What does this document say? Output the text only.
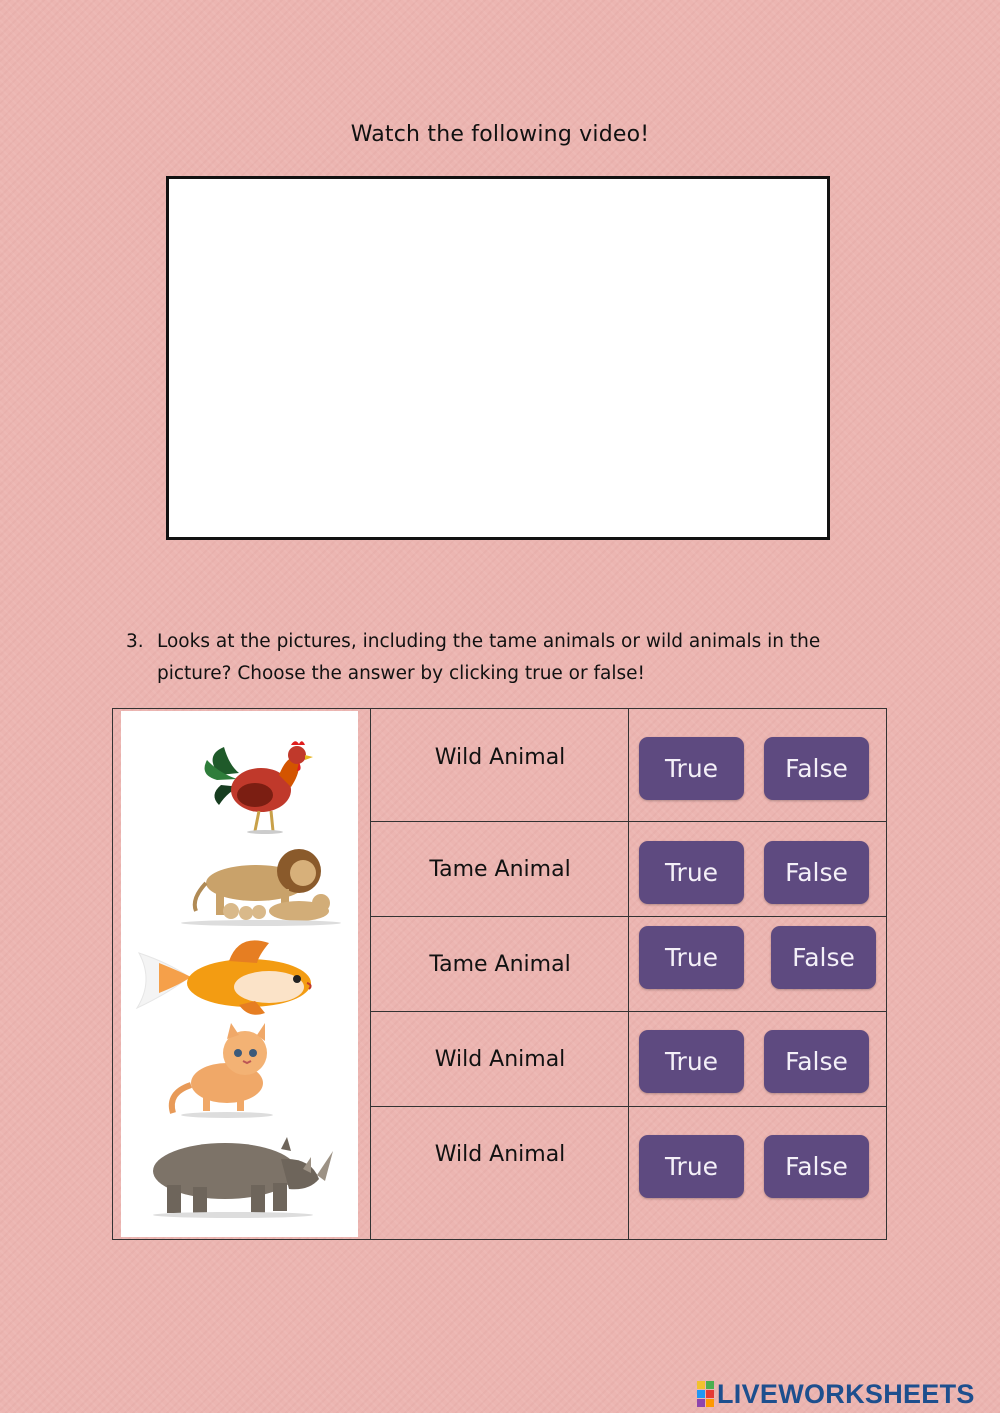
Watch the following video!
3. Looks at the pictures, including the tame animals or wild animals in the picture? Choose the answer by clicking true or false!
Wild Animal	True	False
Tame Animal	True	False
Tame Animal	True	False
Wild Animal	True	False
Wild Animal	True	False
LIVEWORKSHEETS
